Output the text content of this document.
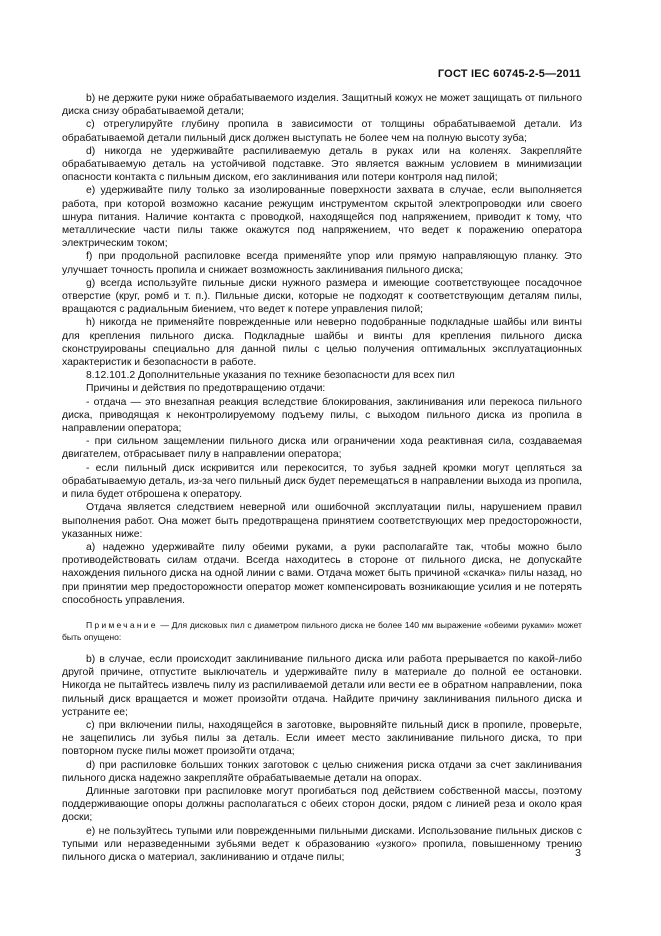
ГОСТ IEC 60745-2-5—2011

b) не держите руки ниже обрабатываемого изделия. Защитный кожух не может защищать от пильного диска снизу обрабатываемой детали;

c) отрегулируйте глубину пропила в зависимости от толщины обрабатываемой детали. Из обрабатываемой детали пильный диск должен выступать не более чем на полную высоту зуба;

d) никогда не удерживайте распиливаемую деталь в руках или на коленях. Закрепляйте обрабатываемую деталь на устойчивой подставке. Это является важным условием в минимизации опасности контакта с пильным диском, его заклинивания или потери контроля над пилой;

e) удерживайте пилу только за изолированные поверхности захвата в случае, если выполняется работа, при которой возможно касание режущим инструментом скрытой электропроводки или своего шнура питания. Наличие контакта с проводкой, находящейся под напряжением, приводит к тому, что металлические части пилы также окажутся под напряжением, что ведет к поражению оператора электрическим током;

f) при продольной распиловке всегда применяйте упор или прямую направляющую планку. Это улучшает точность пропила и снижает возможность заклинивания пильного диска;

g) всегда используйте пильные диски нужного размера и имеющие соответствующее посадочное отверстие (круг, ромб и т. п.). Пильные диски, которые не подходят к соответствующим деталям пилы, вращаются с радиальным биением, что ведет к потере управления пилой;

h) никогда не применяйте поврежденные или неверно подобранные подкладные шайбы или винты для крепления пильного диска. Подкладные шайбы и винты для крепления пильного диска сконструированы специально для данной пилы с целью получения оптимальных эксплуатационных характеристик и безопасности в работе.

8.12.101.2 Дополнительные указания по технике безопасности для всех пил

Причины и действия по предотвращению отдачи:

- отдача — это внезапная реакция вследствие блокирования, заклинивания или перекоса пильного диска, приводящая к неконтролируемому подъему пилы, с выходом пильного диска из пропила в направлении оператора;

- при сильном защемлении пильного диска или ограничении хода реактивная сила, создаваемая двигателем, отбрасывает пилу в направлении оператора;

- если пильный диск искривится или перекосится, то зубья задней кромки могут цепляться за обрабатываемую деталь, из-за чего пильный диск будет перемещаться в направлении выхода из пропила, и пила будет отброшена к оператору.

Отдача является следствием неверной или ошибочной эксплуатации пилы, нарушением правил выполнения работ. Она может быть предотвращена принятием соответствующих мер предосторожности, указанных ниже:

a) надежно удерживайте пилу обеими руками, а руки располагайте так, чтобы можно было противодействовать силам отдачи. Всегда находитесь в стороне от пильного диска, не допускайте нахождения пильного диска на одной линии с вами. Отдача может быть причиной «скачка» пилы назад, но при принятии мер предосторожности оператор может компенсировать возникающие усилия и не потерять способность управления.

Примечание — Для дисковых пил с диаметром пильного диска не более 140 мм выражение «обеими руками» может быть опущено:

b) в случае, если происходит заклинивание пильного диска или работа прерывается по какой-либо другой причине, отпустите выключатель и удерживайте пилу в материале до полной ее остановки. Никогда не пытайтесь извлечь пилу из распиливаемой детали или вести ее в обратном направлении, пока пильный диск вращается и может произойти отдача. Найдите причину заклинивания пильного диска и устраните ее;

c) при включении пилы, находящейся в заготовке, выровняйте пильный диск в пропиле, проверьте, не зацепились ли зубья пилы за деталь. Если имеет место заклинивание пильного диска, то при повторном пуске пилы может произойти отдача;

d) при распиловке больших тонких заготовок с целью снижения риска отдачи за счет заклинивания пильного диска надежно закрепляйте обрабатываемые детали на опорах.

Длинные заготовки при распиловке могут прогибаться под действием собственной массы, поэтому поддерживающие опоры должны располагаться с обеих сторон доски, рядом с линией реза и около края доски;

e) не пользуйтесь тупыми или поврежденными пильными дисками. Использование пильных дисков с тупыми или неразведенными зубьями ведет к образованию «узкого» пропила, повышенному трению пильного диска о материал, заклиниванию и отдаче пилы;	3
